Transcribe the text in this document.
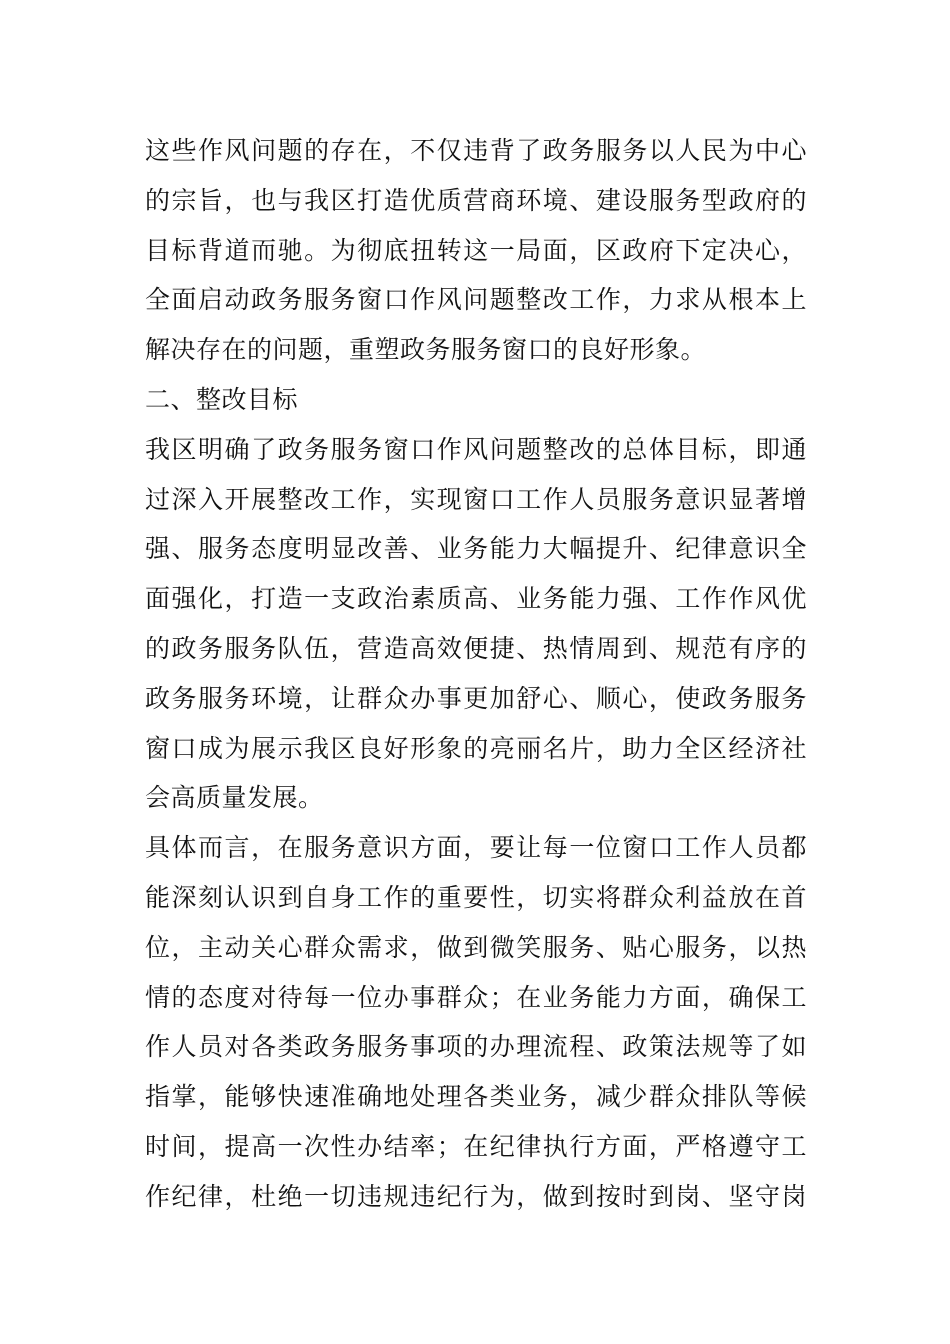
这些作风问题的存在，不仅违背了政务服务以人民为中心
的宗旨，也与我区打造优质营商环境、建设服务型政府的
目标背道而驰。为彻底扭转这一局面，区政府下定决心，
全面启动政务服务窗口作风问题整改工作，力求从根本上
解决存在的问题，重塑政务服务窗口的良好形象。
二、整改目标
我区明确了政务服务窗口作风问题整改的总体目标，即通
过深入开展整改工作，实现窗口工作人员服务意识显著增
强、服务态度明显改善、业务能力大幅提升、纪律意识全
面强化，打造一支政治素质高、业务能力强、工作作风优
的政务服务队伍，营造高效便捷、热情周到、规范有序的
政务服务环境，让群众办事更加舒心、顺心，使政务服务
窗口成为展示我区良好形象的亮丽名片，助力全区经济社
会高质量发展。
具体而言，在服务意识方面，要让每一位窗口工作人员都
能深刻认识到自身工作的重要性，切实将群众利益放在首
位，主动关心群众需求，做到微笑服务、贴心服务，以热
情的态度对待每一位办事群众；在业务能力方面，确保工
作人员对各类政务服务事项的办理流程、政策法规等了如
指掌，能够快速准确地处理各类业务，减少群众排队等候
时间，提高一次性办结率；在纪律执行方面，严格遵守工
作纪律，杜绝一切违规违纪行为，做到按时到岗、坚守岗
